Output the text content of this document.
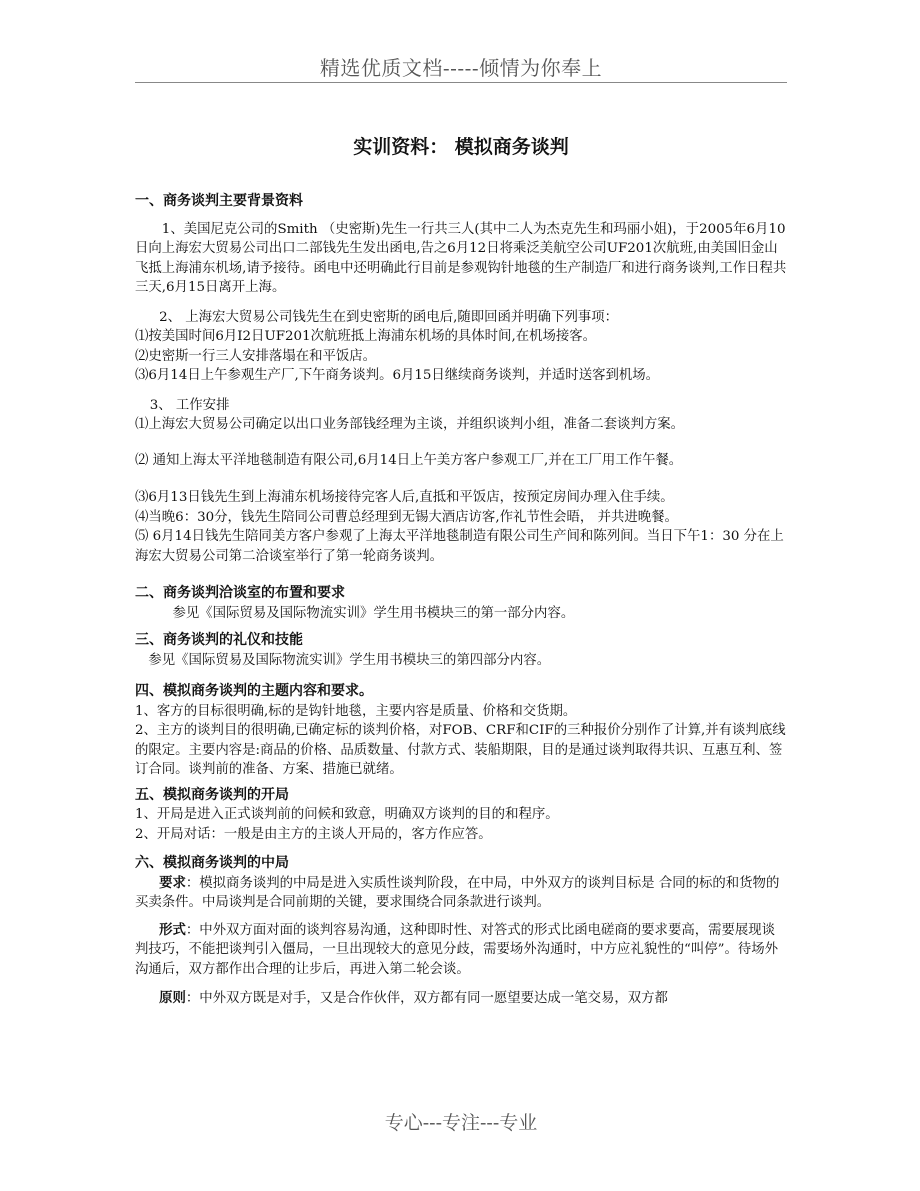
精选优质文档-----倾情为你奉上
实训资料： 模拟商务谈判

一、商务谈判主要背景资料

1、美国尼克公司的Smith （史密斯)先生一行共三人(其中二人为杰克先生和玛丽小姐)，于2005年6月10日向上海宏大贸易公司出口二部钱先生发出函电,告之6月12日将乘泛美航空公司UF201次航班,由美国旧金山飞抵上海浦东机场,请予接待。函电中还明确此行目前是参观钩针地毯的生产制造厂和进行商务谈判,工作日程共三天,6月15日离开上海。

2、 上海宏大贸易公司钱先生在到史密斯的函电后,随即回函并明确下列事项：

⑴按美国时间6月I2日UF201次航班抵上海浦东机场的具体时间,在机场接客。

⑵史密斯一行三人安排落塌在和平饭店。

⑶6月14日上午参观生产厂,下午商务谈判。6月15日继续商务谈判，并适时送客到机场。

3、 工作安排

⑴上海宏大贸易公司确定以出口业务部钱经理为主谈，并组织谈判小组，准备二套谈判方案。

⑵ 通知上海太平洋地毯制造有限公司,6月14日上午美方客户参观工厂,并在工厂用工作午餐。

⑶6月13日钱先生到上海浦东机场接待完客人后,直抵和平饭店，按预定房间办理入住手续。

⑷当晚6：30分，钱先生陪同公司曹总经理到无锡大酒店访客,作礼节性会晤， 并共进晚餐。

⑸ 6月14日钱先生陪同美方客户参观了上海太平洋地毯制造有限公司生产间和陈列间。当日下午1：30 分在上海宏大贸易公司第二洽谈室举行了第一轮商务谈判。

二、商务谈判洽谈室的布置和要求

参见《国际贸易及国际物流实训》学生用书模块三的第一部分内容。

三、商务谈判的礼仪和技能

参见《国际贸易及国际物流实训》学生用书模块三的第四部分内容。

四、模拟商务谈判的主题内容和要求。

1、客方的目标很明确,标的是钩针地毯，主要内容是质量、价格和交货期。

2、主方的谈判目的很明确,已确定标的谈判价格，对FOB、CRF和CIF的三种报价分别作了计算,并有谈判底线的限定。主要内容是:商品的价格、品质数量、付款方式、装船期限，目的是通过谈判取得共识、互惠互利、签订合同。谈判前的准备、方案、措施已就绪。

五、模拟商务谈判的开局

1、开局是进入正式谈判前的问候和致意，明确双方谈判的目的和程序。

2、开局对话：一般是由主方的主谈人开局的，客方作应答。

六、模拟商务谈判的中局

要求：模拟商务谈判的中局是进入实质性谈判阶段，在中局，中外双方的谈判目标是 合同的标的和货物的买卖条件。中局谈判是合同前期的关键，要求围绕合同条款进行谈判。

形式：中外双方面对面的谈判容易沟通，这种即时性、对答式的形式比函电磋商的要求要高，需要展现谈判技巧，不能把谈判引入僵局，一旦出现较大的意见分歧，需要场外沟通时，中方应礼貌性的“叫停”。待场外沟通后，双方都作出合理的让步后，再进入第二轮会谈。

原则：中外双方既是对手，又是合作伙伴，双方都有同一愿望要达成一笔交易，双方都

专心---专注---专业
